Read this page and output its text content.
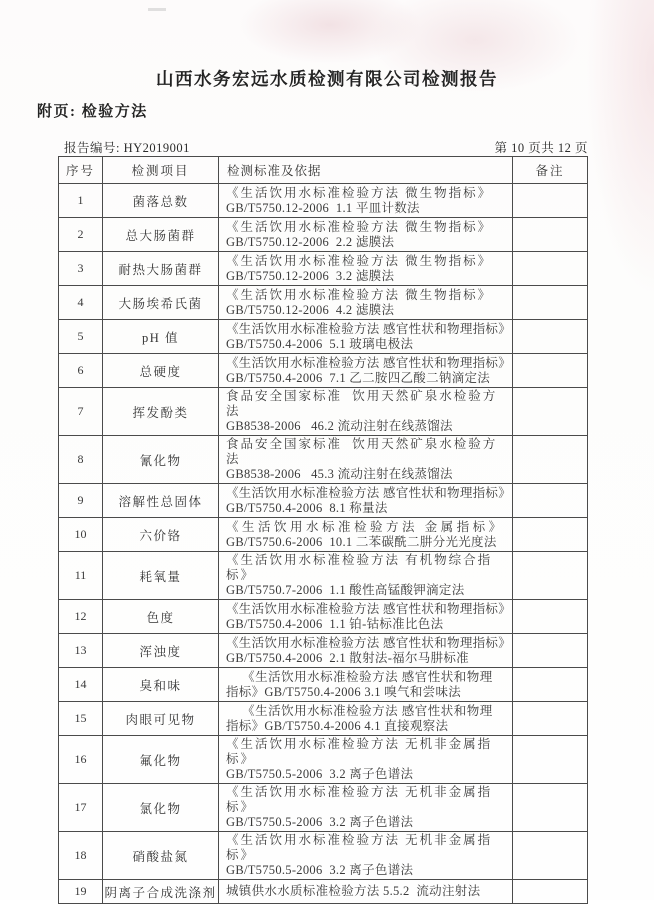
山西水务宏远水质检测有限公司检测报告
附页: 检验方法
报告编号: HY2019001	第 10 页共 12 页
序号	检测项目	检测标准及依据	备注
1	菌落总数	《生活饮用水标准检验方法 微生物指标》
GB/T5750.12-2006  1.1 平皿计数法	

2	总大肠菌群	《生活饮用水标准检验方法 微生物指标》
GB/T5750.12-2006  2.2 滤膜法	

3	耐热大肠菌群	《生活饮用水标准检验方法 微生物指标》
GB/T5750.12-2006  3.2 滤膜法	

4	大肠埃希氏菌	《生活饮用水标准检验方法 微生物指标》
GB/T5750.12-2006  4.2 滤膜法	

5	pH 值	《生活饮用水标准检验方法 感官性状和物理指标》
GB/T5750.4-2006  5.1 玻璃电极法	

6	总硬度	《生活饮用水标准检验方法 感官性状和物理指标》
GB/T5750.4-2006  7.1 乙二胺四乙酸二钠滴定法	

7	挥发酚类	食品安全国家标准  饮用天然矿泉水检验方法
GB8538-2006   46.2 流动注射在线蒸馏法	

8	氰化物	食品安全国家标准  饮用天然矿泉水检验方法
GB8538-2006   45.3 流动注射在线蒸馏法	

9	溶解性总固体	《生活饮用水标准检验方法 感官性状和物理指标》
GB/T5750.4-2006  8.1 称量法	

10	六价铬	《生活饮用水标准检验方法 金属指标》
GB/T5750.6-2006  10.1 二苯碳酰二肼分光光度法	

11	耗氧量	《生活饮用水标准检验方法 有机物综合指标》
GB/T5750.7-2006  1.1 酸性高锰酸钾滴定法	

12	色度	《生活饮用水标准检验方法 感官性状和物理指标》
GB/T5750.4-2006  1.1 铂-钴标准比色法	

13	浑浊度	《生活饮用水标准检验方法 感官性状和物理指标》
GB/T5750.4-2006  2.1 散射法-福尔马肼标准	

14	臭和味	《生活饮用水标准检验方法 感官性状和物理
指标》GB/T5750.4-2006 3.1 嗅气和尝味法	

15	肉眼可见物	《生活饮用水标准检验方法 感官性状和物理
指标》GB/T5750.4-2006 4.1 直接观察法	

16	氟化物	《生活饮用水标准检验方法 无机非金属指标》
GB/T5750.5-2006  3.2 离子色谱法	

17	氯化物	《生活饮用水标准检验方法 无机非金属指标》
GB/T5750.5-2006  3.2 离子色谱法	

18	硝酸盐氮	《生活饮用水标准检验方法 无机非金属指标》
GB/T5750.5-2006  3.2 离子色谱法	

19	阴离子合成洗涤剂	城镇供水水质标准检验方法 5.5.2  流动注射法	
